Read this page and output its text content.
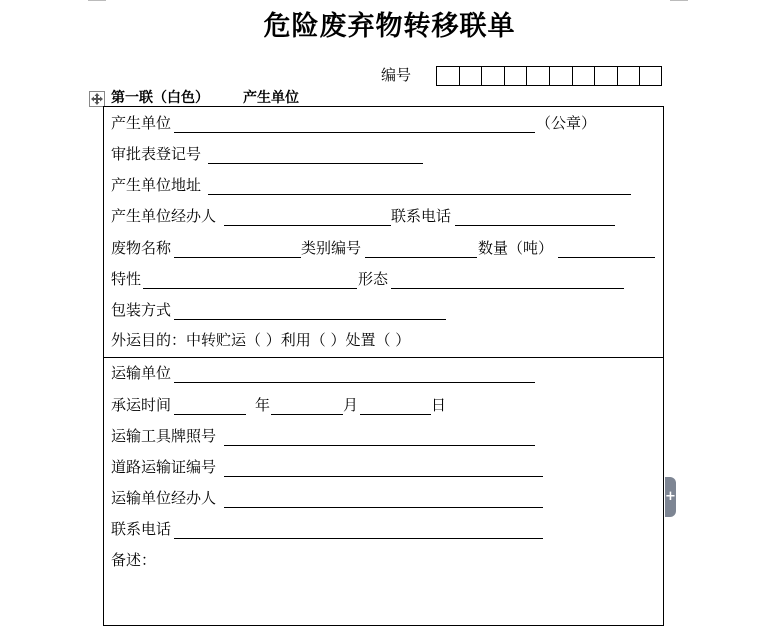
危险废弃物转移联单
编号
第一联（白色） 产生单位
产生单位	（公章）
审批表登记号
产生单位地址
产生单位经办人	联系电话
废物名称	类别编号	数量（吨）
特性	形态
包装方式
外运目的：中转贮运（ ）利用（ ）处置（ ）
运输单位
承运时间	年	月	日
运输工具牌照号
道路运输证编号
运输单位经办人
联系电话
备述：
+
